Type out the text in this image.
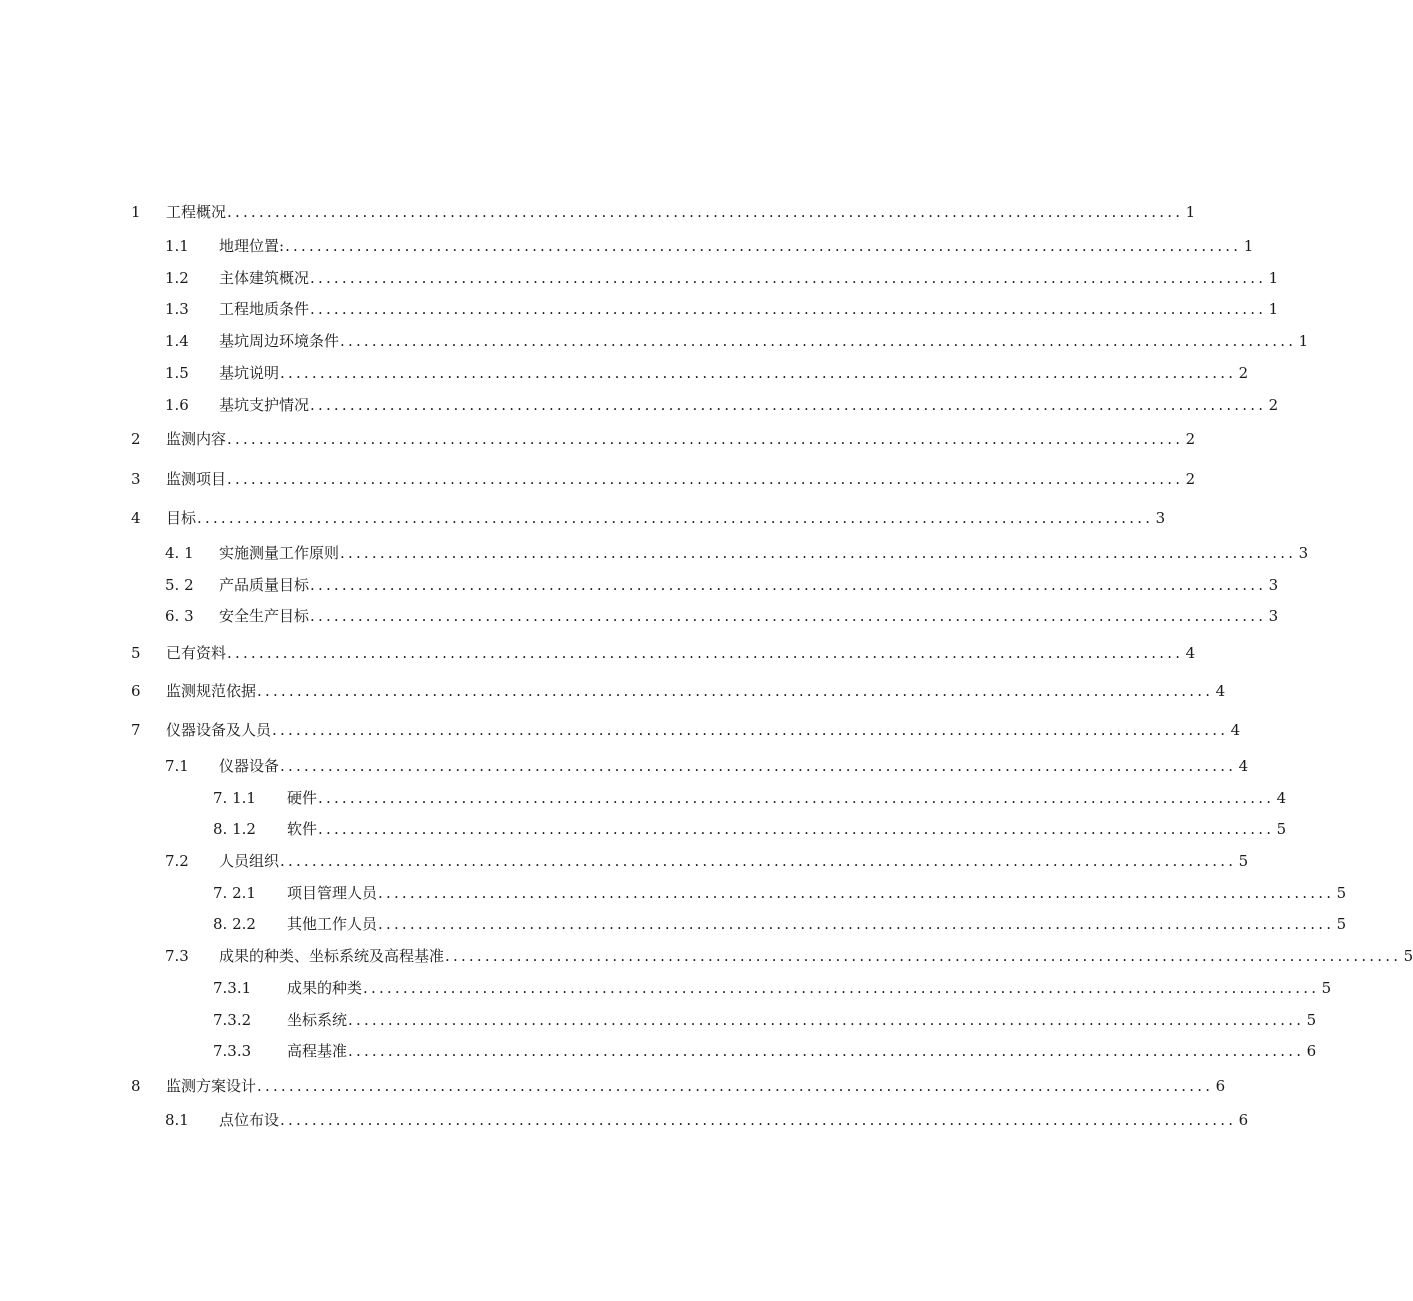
1	工程概况 ........................................................................................................................ 1
1.1	地理位置: ........................................................................................................................ 1
1.2	主体建筑概况 ........................................................................................................................ 1
1.3	工程地质条件 ........................................................................................................................ 1
1.4	基坑周边环境条件 ........................................................................................................................ 1
1.5	基坑说明 ........................................................................................................................ 2
1.6	基坑支护情况 ........................................................................................................................ 2
2	监测内容 ........................................................................................................................ 2
3	监测项目 ........................................................................................................................ 2
4	目标 ........................................................................................................................ 3
4. 1	实施测量工作原则 ........................................................................................................................ 3
5. 2	产品质量目标 ........................................................................................................................ 3
6. 3	安全生产目标 ........................................................................................................................ 3
5	已有资料 ........................................................................................................................ 4
6	监测规范依据 ........................................................................................................................ 4
7	仪器设备及人员 ........................................................................................................................ 4
7.1	仪器设备 ........................................................................................................................ 4
7. 1.1	硬件 ........................................................................................................................ 4
8. 1.2	软件 ........................................................................................................................ 5
7.2	人员组织 ........................................................................................................................ 5
7. 2.1	项目管理人员 ........................................................................................................................ 5
8. 2.2	其他工作人员 ........................................................................................................................ 5
7.3	成果的种类、坐标系统及高程基准 ........................................................................................................................ 5
7.3.1	成果的种类 ........................................................................................................................ 5
7.3.2	坐标系统 ........................................................................................................................ 5
7.3.3	高程基准 ........................................................................................................................ 6
8	监测方案设计 ........................................................................................................................ 6
8.1	点位布设 ........................................................................................................................ 6
